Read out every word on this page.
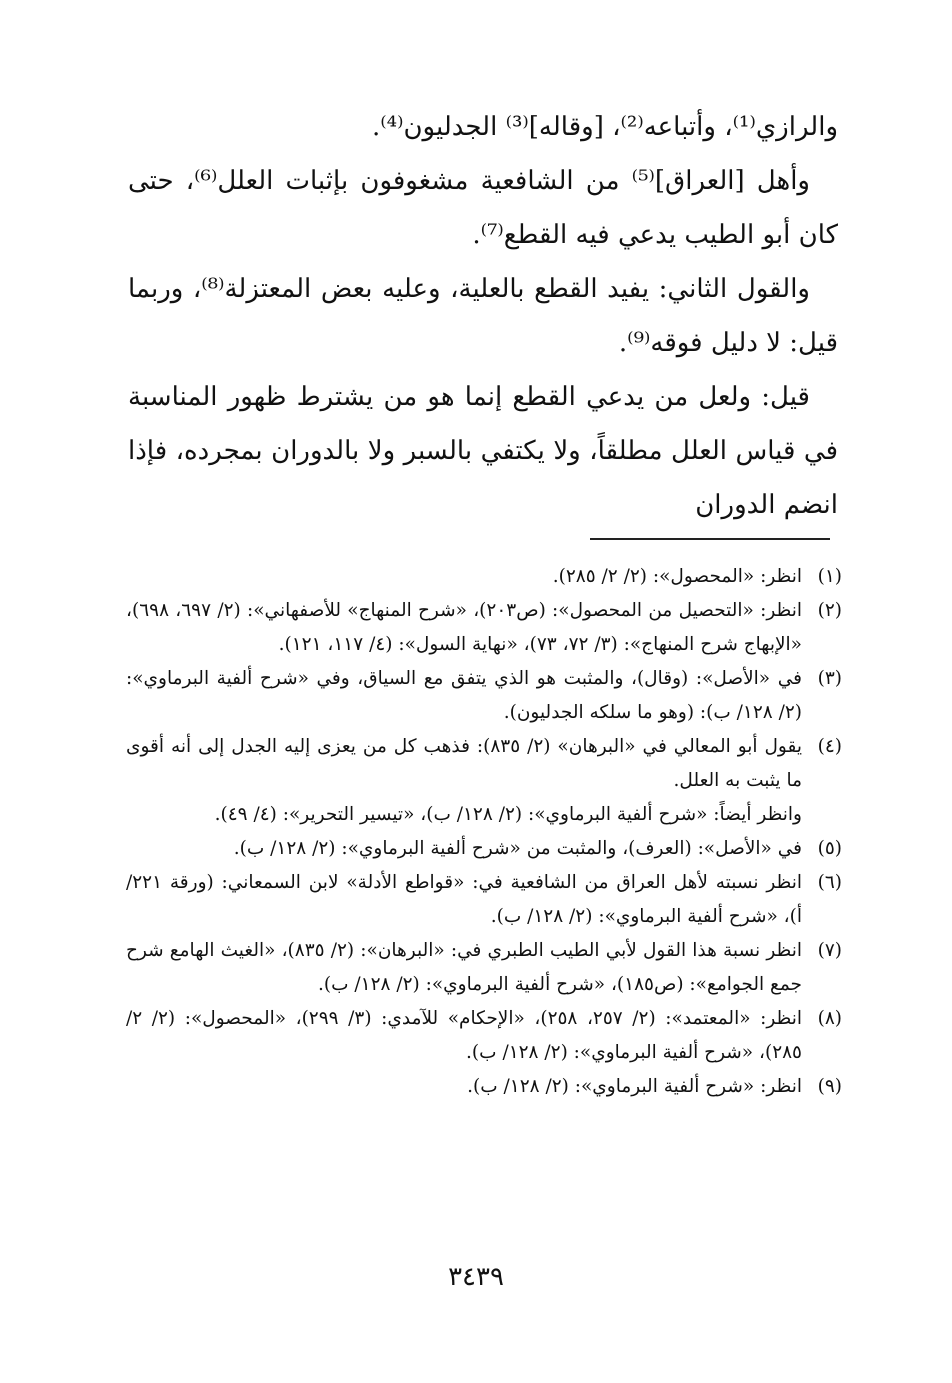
والرازي⁽¹⁾، وأتباعه⁽²⁾، [وقاله]⁽³⁾ الجدليون⁽⁴⁾.

وأهل [العراق]⁽⁵⁾ من الشافعية مشغوفون بإثبات العلل⁽⁶⁾، حتى كان أبو الطيب يدعي فيه القطع⁽⁷⁾.

والقول الثاني: يفيد القطع بالعلية، وعليه بعض المعتزلة⁽⁸⁾، وربما قيل: لا دليل فوقه⁽⁹⁾.

قيل: ولعل من يدعي القطع إنما هو من يشترط ظهور المناسبة في قياس العلل مطلقاً، ولا يكتفي بالسبر ولا بالدوران بمجرده، فإذا انضم الدوران

(١)

انظر: «المحصول»: (٢/ ٢/ ٢٨٥).

(٢)

انظر: «التحصيل من المحصول»: (ص٢٠٣)، «شرح المنهاج» للأصفهاني»: (٢/ ٦٩٧، ٦٩٨)، «الإبهاج شرح المنهاج»: (٣/ ٧٢، ٧٣)، «نهاية السول»: (٤/ ١١٧، ١٢١).

(٣)

في «الأصل»: (وقال)، والمثبت هو الذي يتفق مع السياق، وفي «شرح ألفية البرماوي»: (٢/ ١٢٨/ ب): (وهو ما سلكه الجدليون).

(٤)

يقول أبو المعالي في «البرهان» (٢/ ٨٣٥): فذهب كل من يعزى إليه الجدل إلى أنه أقوى ما يثبت به العلل.

وانظر أيضاً: «شرح ألفية البرماوي»: (٢/ ١٢٨/ ب)، «تيسير التحرير»: (٤/ ٤٩).

(٥)

في «الأصل»: (العرف)، والمثبت من «شرح ألفية البرماوي»: (٢/ ١٢٨/ ب).

(٦)

انظر نسبته لأهل العراق من الشافعية في: «قواطع الأدلة» لابن السمعاني: (ورقة ٢٢١/ أ)، «شرح ألفية البرماوي»: (٢/ ١٢٨/ ب).

(٧)

انظر نسبة هذا القول لأبي الطيب الطبري في: «البرهان»: (٢/ ٨٣٥)، «الغيث الهامع شرح جمع الجوامع»: (ص١٨٥)، «شرح ألفية البرماوي»: (٢/ ١٢٨/ ب).

(٨)

انظر: «المعتمد»: (٢/ ٢٥٧، ٢٥٨)، «الإحكام» للآمدي: (٣/ ٢٩٩)، «المحصول»: (٢/ ٢/ ٢٨٥)، «شرح ألفية البرماوي»: (٢/ ١٢٨/ ب).

(٩)

انظر: «شرح ألفية البرماوي»: (٢/ ١٢٨/ ب).

٣٤٣٩
